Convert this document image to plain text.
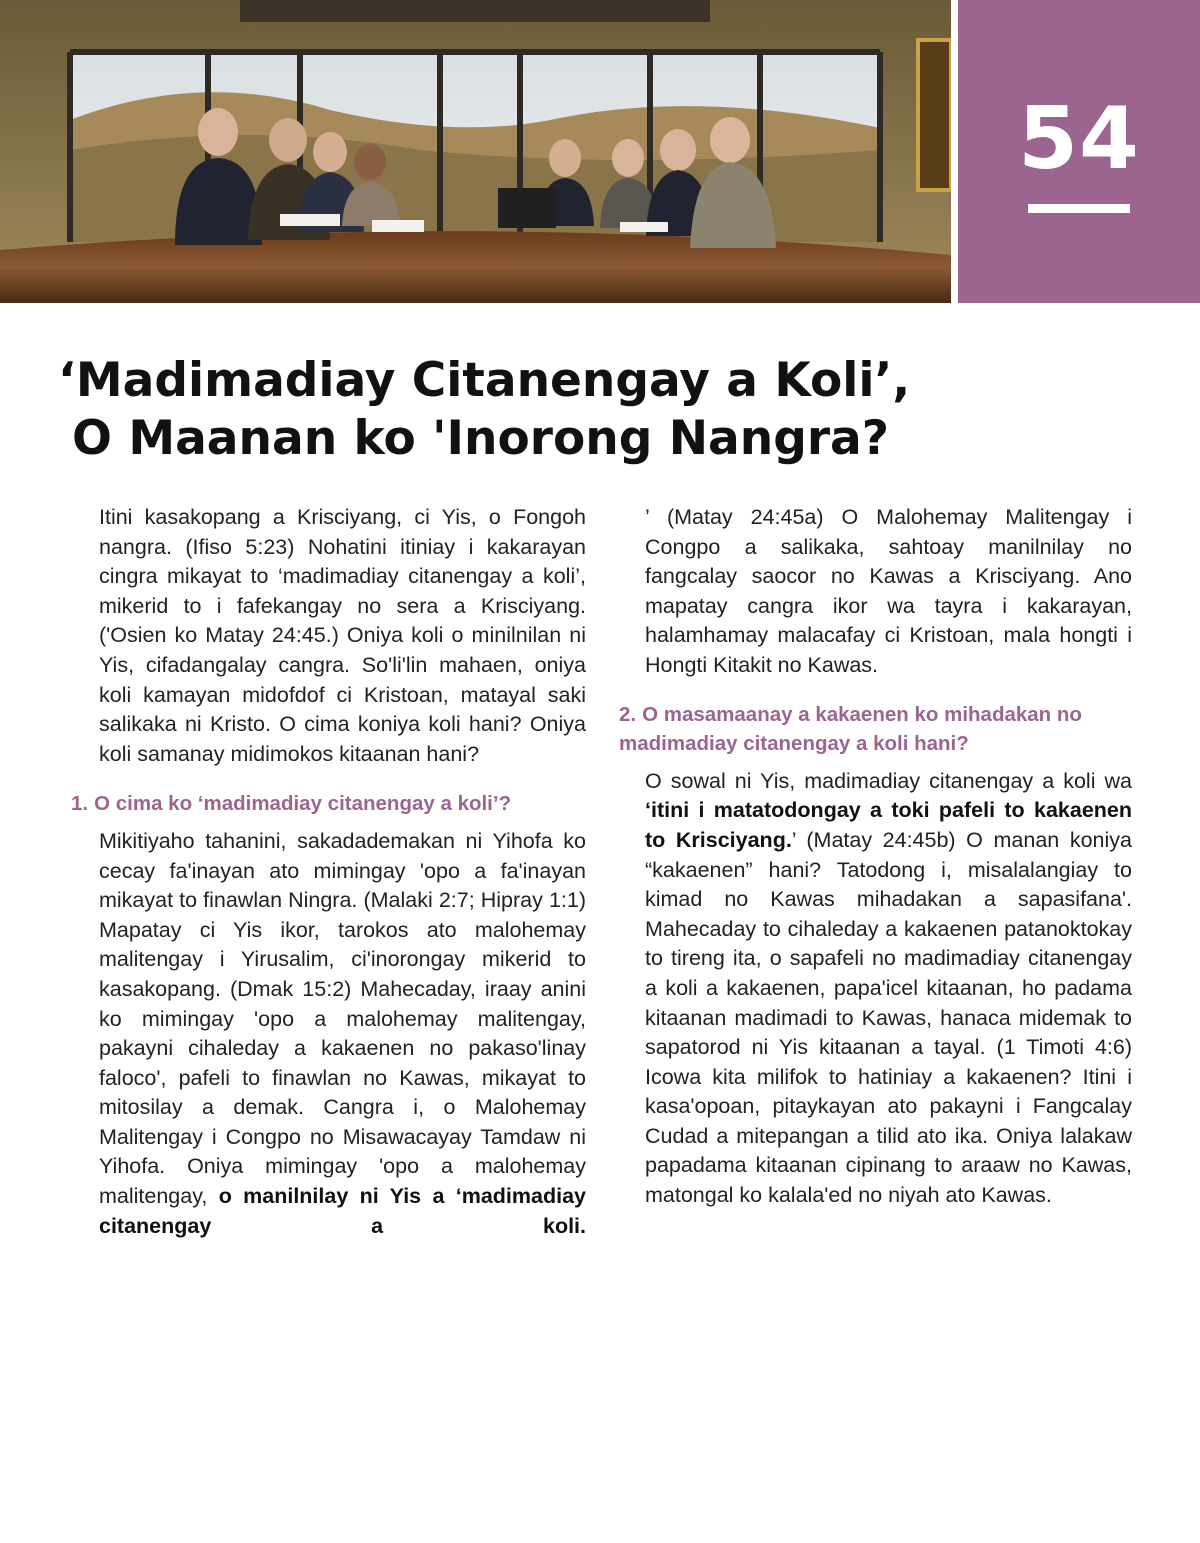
54
‘Madimadiay Citanengay a Koli’,
O Maanan ko 'Inorong Nangra?

Itini kasakopang a Krisciyang, ci Yis, o Fongoh nangra. (Ifiso 5:23) Nohatini itiniay i kakarayan cingra mikayat to ‘madimadiay citanengay a koli’, mikerid to i fafekangay no sera a Krisciyang. ('Osien ko Matay 24:45.) Oniya koli o minilnilan ni Yis, cifadangalay cangra. So'li'lin mahaen, oniya koli kamayan midofdof ci Kristoan, matayal saki salikaka ni Kristo. O cima koniya koli hani? Oniya koli samanay midimokos kitaanan hani?

1. O cima ko ‘madimadiay citanengay a koli’?

Mikitiyaho tahanini, sakadademakan ni Yihofa ko cecay fa'inayan ato mimingay 'opo a fa'inayan mikayat to finawlan Ningra. (Malaki 2:7; Hipray 1:1) Mapatay ci Yis ikor, tarokos ato malohemay malitengay i Yirusalim, ci'inorongay mikerid to kasakopang. (Dmak 15:2) Mahecaday, iraay anini ko mimingay 'opo a malohemay malitengay, pakayni cihaleday a kakaenen no pakaso'linay faloco', pafeli to finawlan no Kawas, mikayat to mitosilay a demak. Cangra i, o Malohemay Malitengay i Congpo no Misawacayay Tamdaw ni Yihofa. Oniya mimingay 'opo a malohemay malitengay, o manilnilay ni Yis a ‘madimadiay citanengay a koli.

’ (Matay 24:45a) O Malohemay Malitengay i Congpo a salikaka, sahtoay manilnilay no fangcalay saocor no Kawas a Krisciyang. Ano mapatay cangra ikor wa tayra i kakarayan, halamhamay malacafay ci Kristoan, mala hongti i Hongti Kitakit no Kawas.

2. O masamaanay a kakaenen ko mihadakan no madimadiay citanengay a koli hani?

O sowal ni Yis, madimadiay citanengay a koli wa ‘itini i matatodongay a toki pafeli to kakaenen to Krisciyang.’ (Matay 24:45b) O manan koniya “kakaenen” hani? Tatodong i, misalalangiay to kimad no Kawas mihadakan a sapasifana'. Mahecaday to cihaleday a kakaenen patanoktokay to tireng ita, o sapafeli no madimadiay citanengay a koli a kakaenen, papa'icel kitaanan, ho padama kitaanan madimadi to Kawas, hanaca midemak to sapatorod ni Yis kitaanan a tayal. (1 Timoti 4:6) Icowa kita milifok to hatiniay a kakaenen? Itini i kasa'opoan, pitaykayan ato pakayni i Fangcalay Cudad a mitepangan a tilid ato ika. Oniya lalakaw papadama kitaanan cipinang to araaw no Kawas, matongal ko kalala'ed no niyah ato Kawas.
